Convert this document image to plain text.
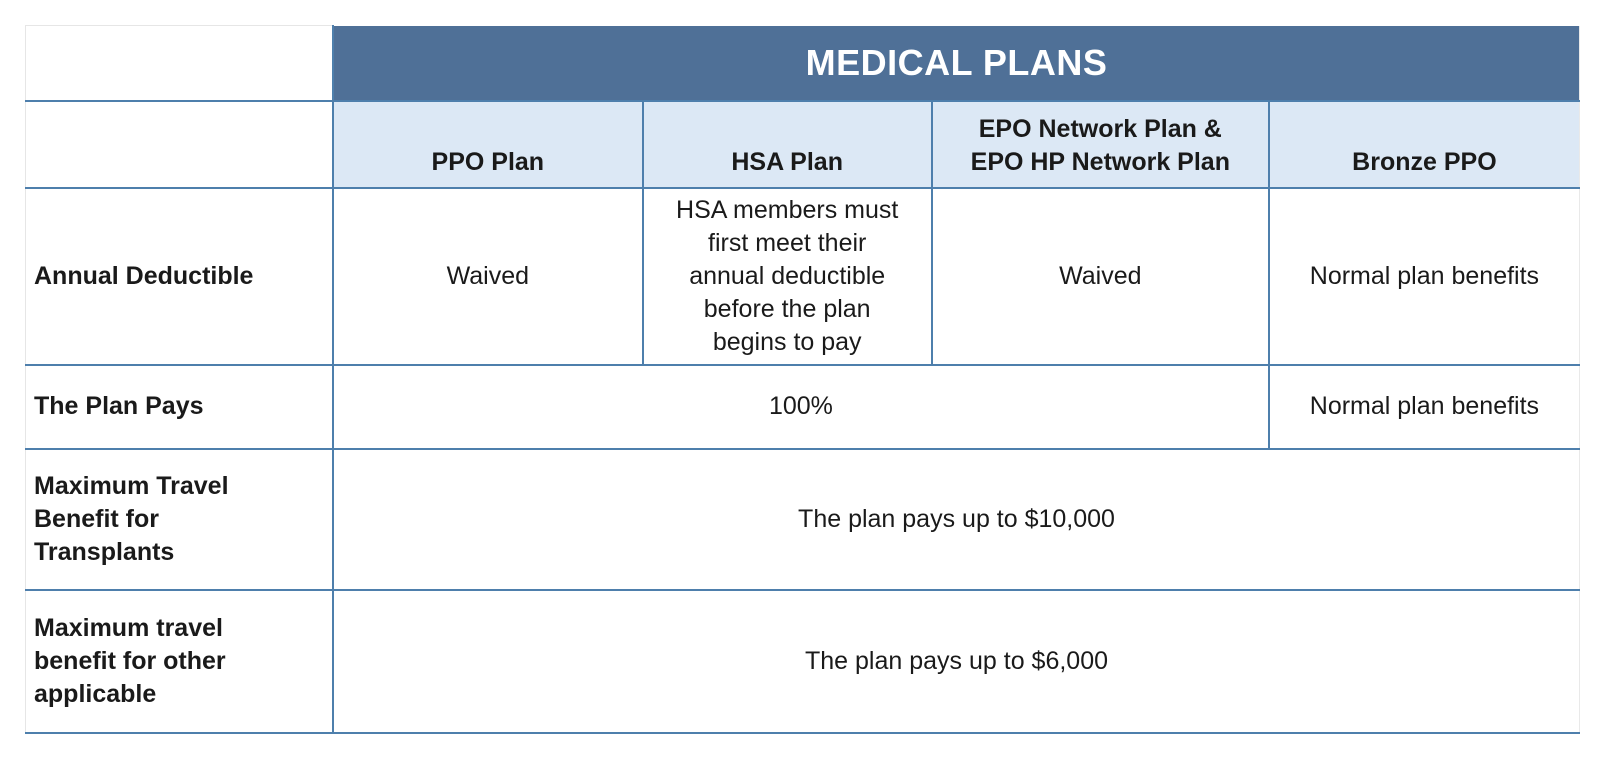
	MEDICAL PLANS			
	PPO Plan	HSA Plan	EPO Network Plan &
EPO HP Network Plan	Bronze PPO
Annual Deductible	Waived	HSA members must
first meet their
annual deductible
before the plan
begins to pay	Waived	Normal plan benefits
The Plan Pays	100%			Normal plan benefits

Maximum Travel
Benefit for
Transplants	The plan pays up to $10,000			

Maximum travel
benefit for other
applicable	The plan pays up to $6,000			
